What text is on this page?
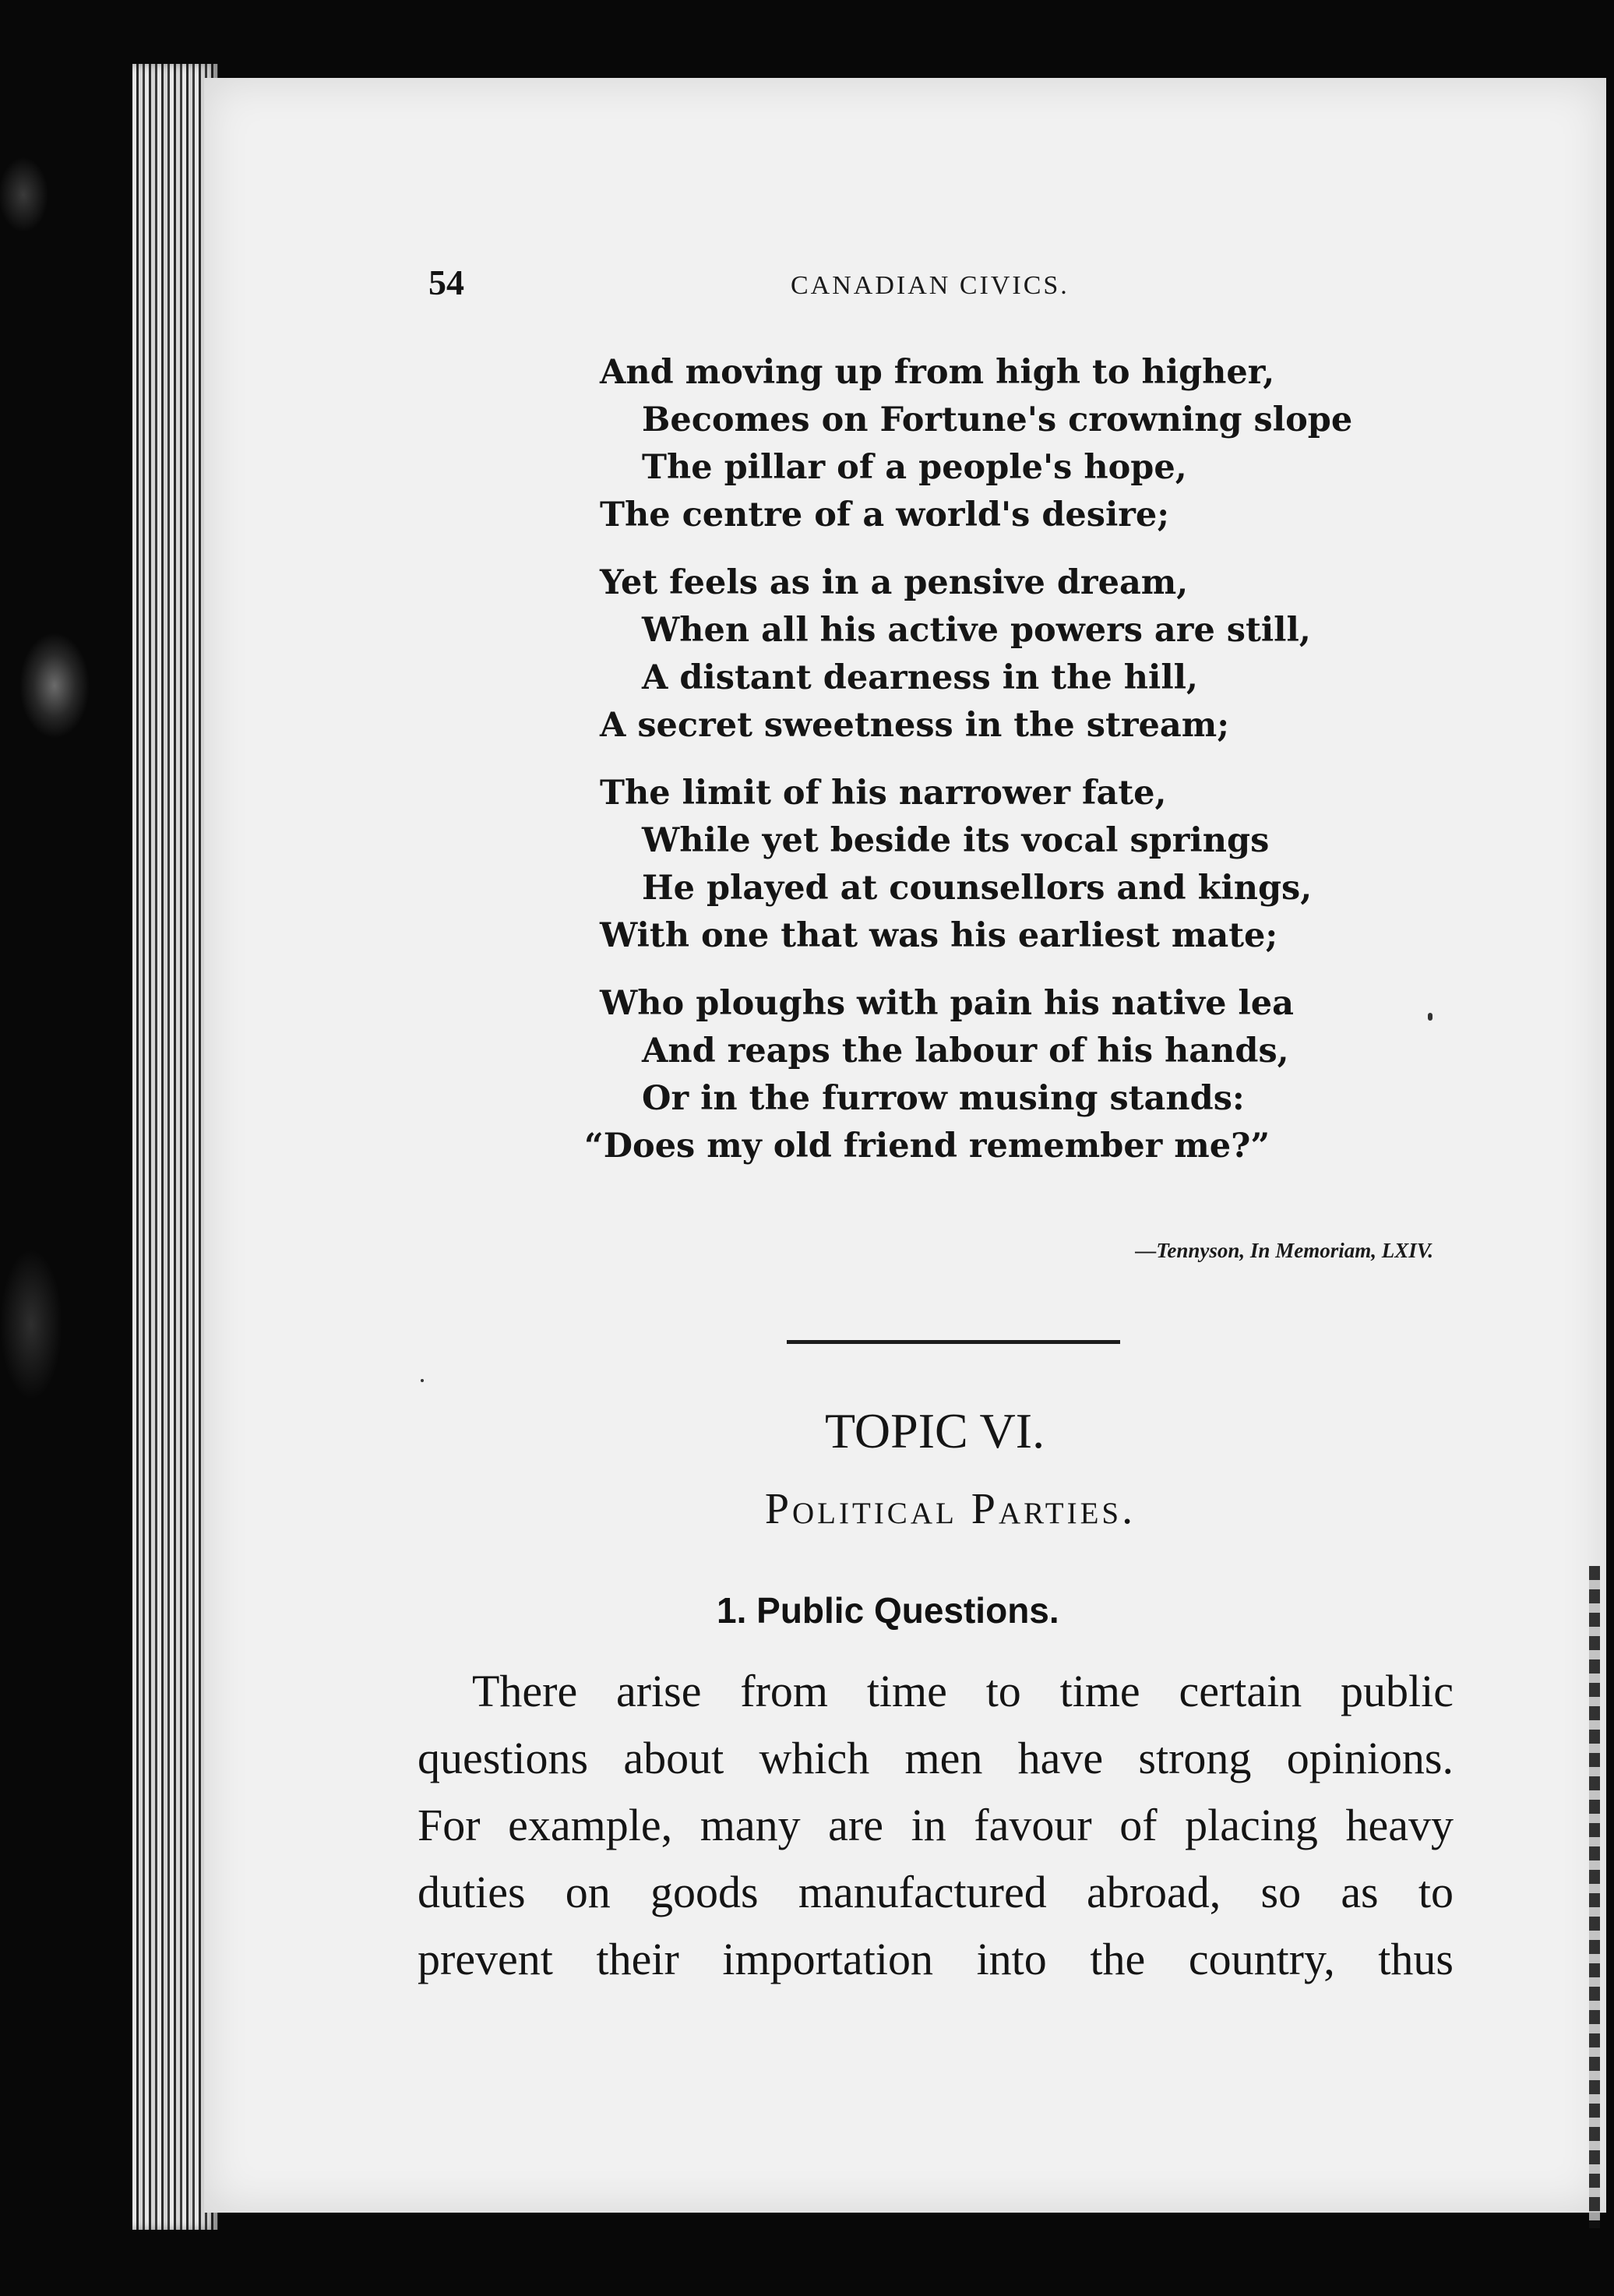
54	CANADIAN CIVICS.
And moving up from high to higher,
Becomes on Fortune's crowning slope
The pillar of a people's hope,
The centre of a world's desire;
Yet feels as in a pensive dream,
When all his active powers are still,
A distant dearness in the hill,
A secret sweetness in the stream;
The limit of his narrower fate,
While yet beside its vocal springs
He played at counsellors and kings,
With one that was his earliest mate;
Who ploughs with pain his native lea
And reaps the labour of his hands,
Or in the furrow musing stands:
“Does my old friend remember me?”
—Tennyson, In Memoriam, LXIV.
TOPIC VI.
Political Parties.
1. Public Questions.
There arise from time to time certain public
questions about which men have strong opinions.
For example, many are in favour of placing heavy
duties on goods manufactured abroad, so as to
prevent their importation into the country, thus
